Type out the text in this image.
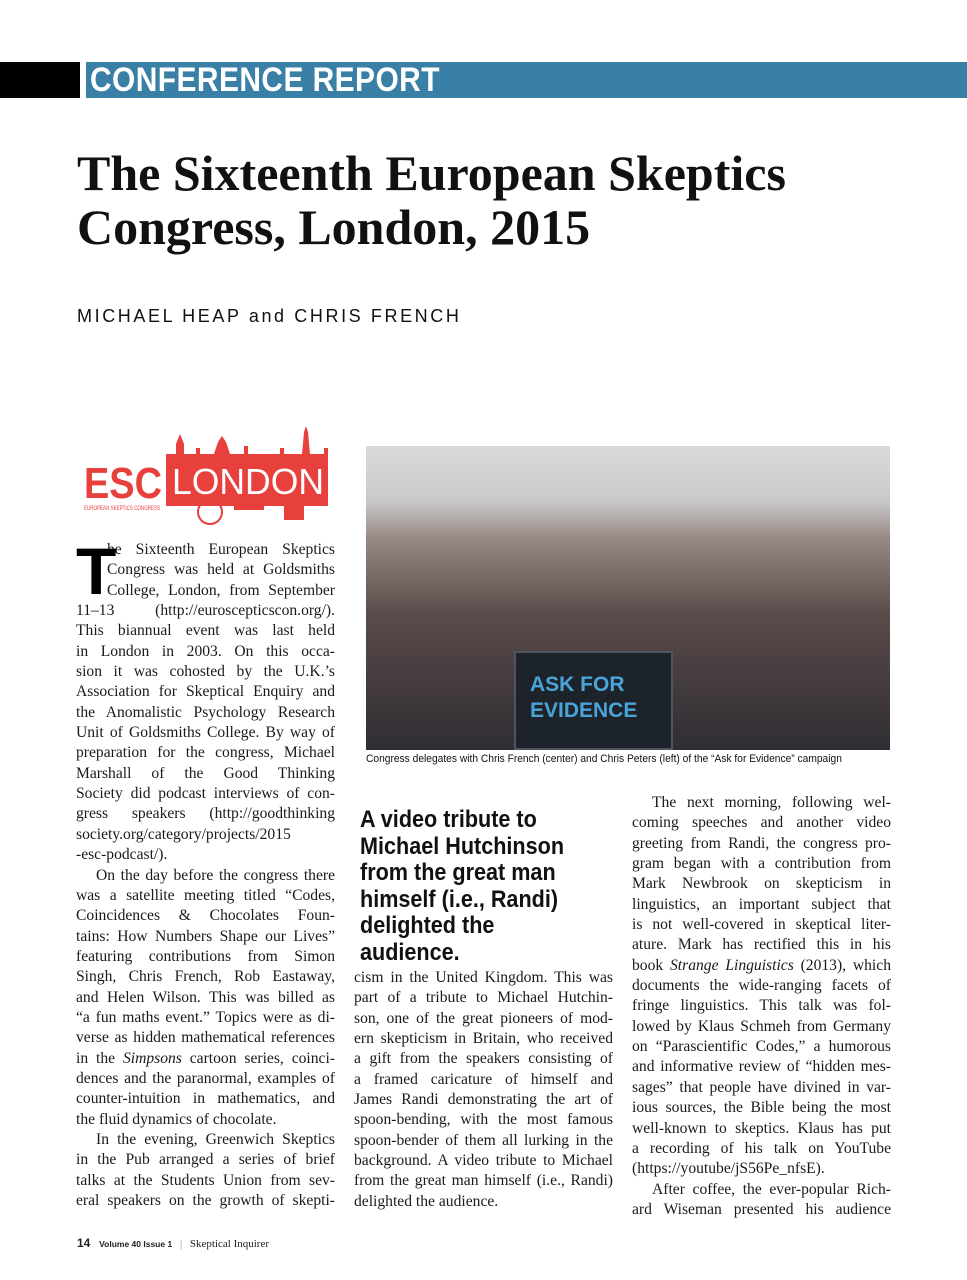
CONFERENCE REPORT
The Sixteenth European Skeptics
Congress, London, 2015
MICHAEL HEAP and CHRIS FRENCH
ESC LONDON
EUROPEAN SKEPTICS CONGRESS
T
he Sixteenth European Skeptics
Congress was held at Goldsmiths
College, London, from September
11–13 (http://euroscepticscon.org/).
This biannual event was last held
in London in 2003. On this occa-
sion it was cohosted by the U.K.’s
Association for Skeptical Enquiry and
the Anomalistic Psychology Research
Unit of Goldsmiths College. By way of
preparation for the congress, Michael
Marshall of the Good Thinking
Society did podcast interviews of con-
gress speakers (http://goodthinking
society.org/category/projects/2015
-esc-podcast/).
On the day before the congress there
was a satellite meeting titled “Codes,
Coincidences & Chocolates Foun-
tains: How Numbers Shape our Lives”
featuring contributions from Simon
Singh, Chris French, Rob Eastaway,
and Helen Wilson. This was billed as
“a fun maths event.” Topics were as di-
verse as hidden mathematical references
in the Simpsons cartoon series, coinci-
dences and the paranormal, examples of
counter-intuition in mathematics, and
the fluid dynamics of chocolate.
In the evening, Greenwich Skeptics
in the Pub arranged a series of brief
talks at the Students Union from sev-
eral speakers on the growth of skepti-
ASK FOR
EVIDENCE
Congress delegates with Chris French (center) and Chris Peters (left) of the “Ask for Evidence” campaign
A video tribute to Michael Hutchinson from the great man himself (i.e., Randi) delighted the audience.
cism in the United Kingdom. This was
part of a tribute to Michael Hutchin-
son, one of the great pioneers of mod-
ern skepticism in Britain, who received
a gift from the speakers consisting of
a framed caricature of himself and
James Randi demonstrating the art of
spoon-bending, with the most famous
spoon-bender of them all lurking in the
background. A video tribute to Michael
from the great man himself (i.e., Randi)
delighted the audience.
The next morning, following wel-
coming speeches and another video
greeting from Randi, the congress pro-
gram began with a contribution from
Mark Newbrook on skepticism in
linguistics, an important subject that
is not well-covered in skeptical liter-
ature. Mark has rectified this in his
book Strange Linguistics (2013), which
documents the wide-ranging facets of
fringe linguistics. This talk was fol-
lowed by Klaus Schmeh from Germany
on “Parascientific Codes,” a humorous
and informative review of “hidden mes-
sages” that people have divined in var-
ious sources, the Bible being the most
well-known to skeptics. Klaus has put
a recording of his talk on YouTube
(https://youtube/jS56Pe_nfsE).
After coffee, the ever-popular Rich-
ard Wiseman presented his audience
14 Volume 40 Issue 1 | Skeptical Inquirer
